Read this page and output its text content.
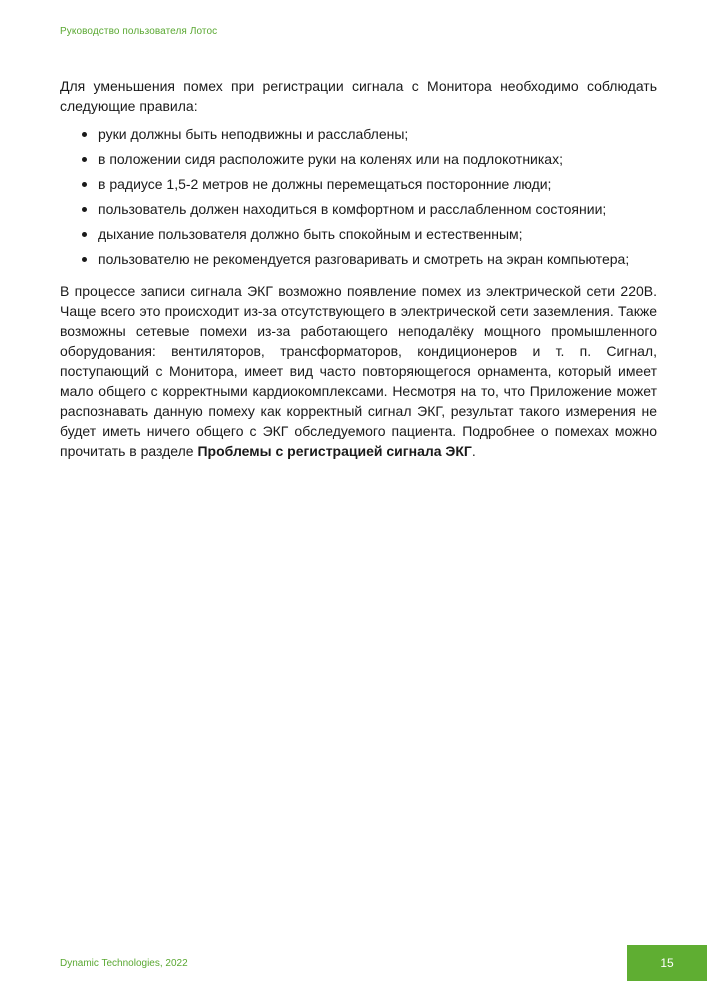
Руководство пользователя Лотос

Для уменьшения помех при регистрации сигнала с Монитора необходимо соблюдать следующие правила:

руки должны быть неподвижны и расслаблены;
в положении сидя расположите руки на коленях или на подлокотниках;
в радиусе 1,5-2 метров не должны перемещаться посторонние люди;
пользователь должен находиться в комфортном и расслабленном состоянии;
дыхание пользователя должно быть спокойным и естественным;
пользователю не рекомендуется разговаривать и смотреть на экран компьютера;

В процессе записи сигнала ЭКГ возможно появление помех из электрической сети 220В. Чаще всего это происходит из-за отсутствующего в электрической сети заземления. Также возможны сетевые помехи из-за работающего неподалёку мощного промышленного оборудования: вентиляторов, трансформаторов, кондиционеров и т. п. Сигнал, поступающий с Монитора, имеет вид часто повторяющегося орнамента, который имеет мало общего с корректными кардиокомплексами. Несмотря на то, что Приложение может распознавать данную помеху как корректный сигнал ЭКГ, результат такого измерения не будет иметь ничего общего с ЭКГ обследуемого пациента. Подробнее о помехах можно прочитать в разделе Проблемы с регистрацией сигнала ЭКГ.

Dynamic Technologies, 2022	15
